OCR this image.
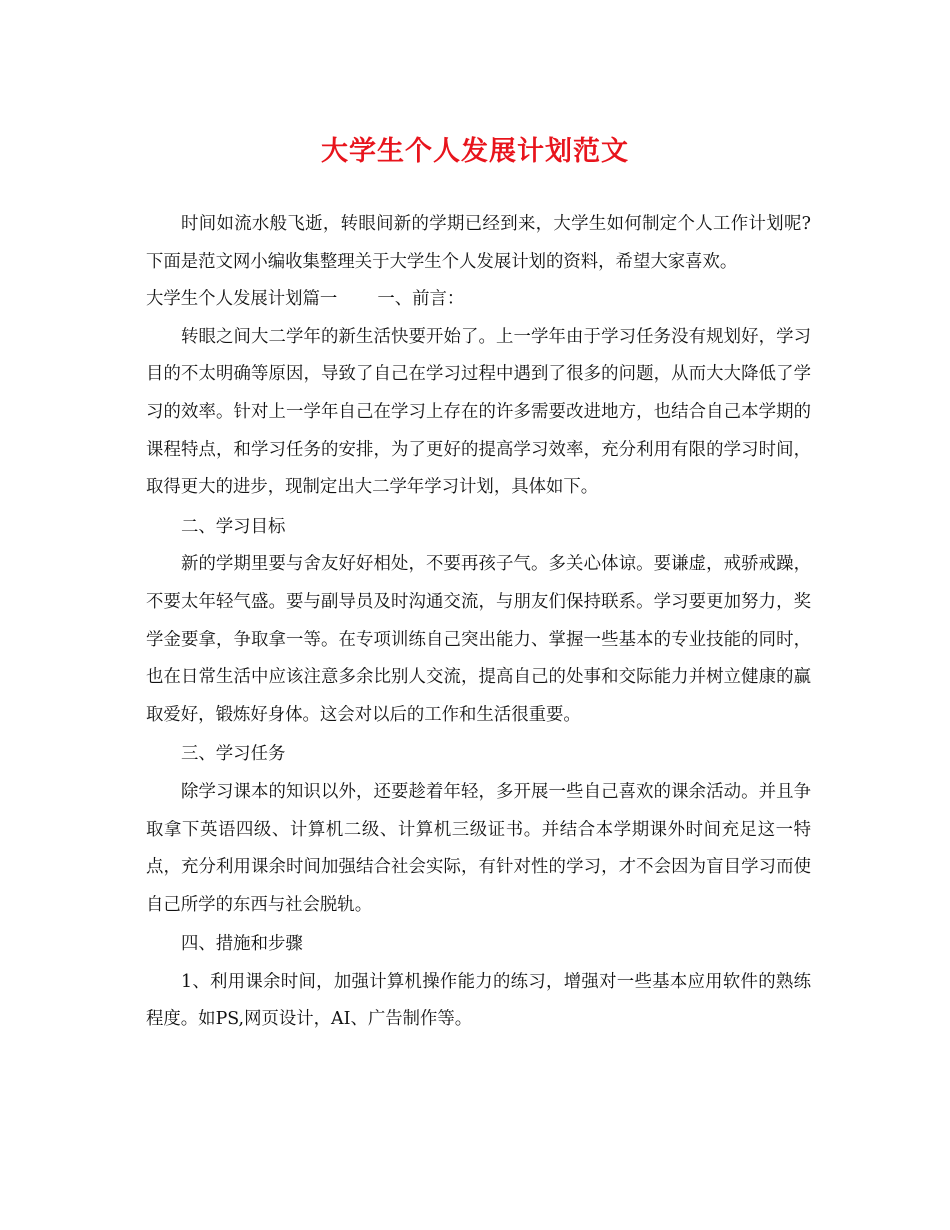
大学生个人发展计划范文

时间如流水般飞逝，转眼间新的学期已经到来，大学生如何制定个人工作计划呢?下面是范文网小编收集整理关于大学生个人发展计划的资料，希望大家喜欢。

大学生个人发展计划篇一 一、前言：

转眼之间大二学年的新生活快要开始了。上一学年由于学习任务没有规划好，学习目的不太明确等原因，导致了自己在学习过程中遇到了很多的问题，从而大大降低了学习的效率。针对上一学年自己在学习上存在的许多需要改进地方，也结合自己本学期的课程特点，和学习任务的安排，为了更好的提高学习效率，充分利用有限的学习时间，取得更大的进步，现制定出大二学年学习计划，具体如下。

二、学习目标

新的学期里要与舍友好好相处，不要再孩子气。多关心体谅。要谦虚，戒骄戒躁，不要太年轻气盛。要与副导员及时沟通交流，与朋友们保持联系。学习要更加努力，奖学金要拿，争取拿一等。在专项训练自己突出能力、掌握一些基本的专业技能的同时，也在日常生活中应该注意多余比别人交流，提高自己的处事和交际能力并树立健康的赢取爱好，锻炼好身体。这会对以后的工作和生活很重要。

三、学习任务

除学习课本的知识以外，还要趁着年轻，多开展一些自己喜欢的课余活动。并且争取拿下英语四级、计算机二级、计算机三级证书。并结合本学期课外时间充足这一特点，充分利用课余时间加强结合社会实际，有针对性的学习，才不会因为盲目学习而使自己所学的东西与社会脱轨。

四、措施和步骤

1、利用课余时间，加强计算机操作能力的练习，增强对一些基本应用软件的熟练程度。如PS,网页设计，AI、广告制作等。
